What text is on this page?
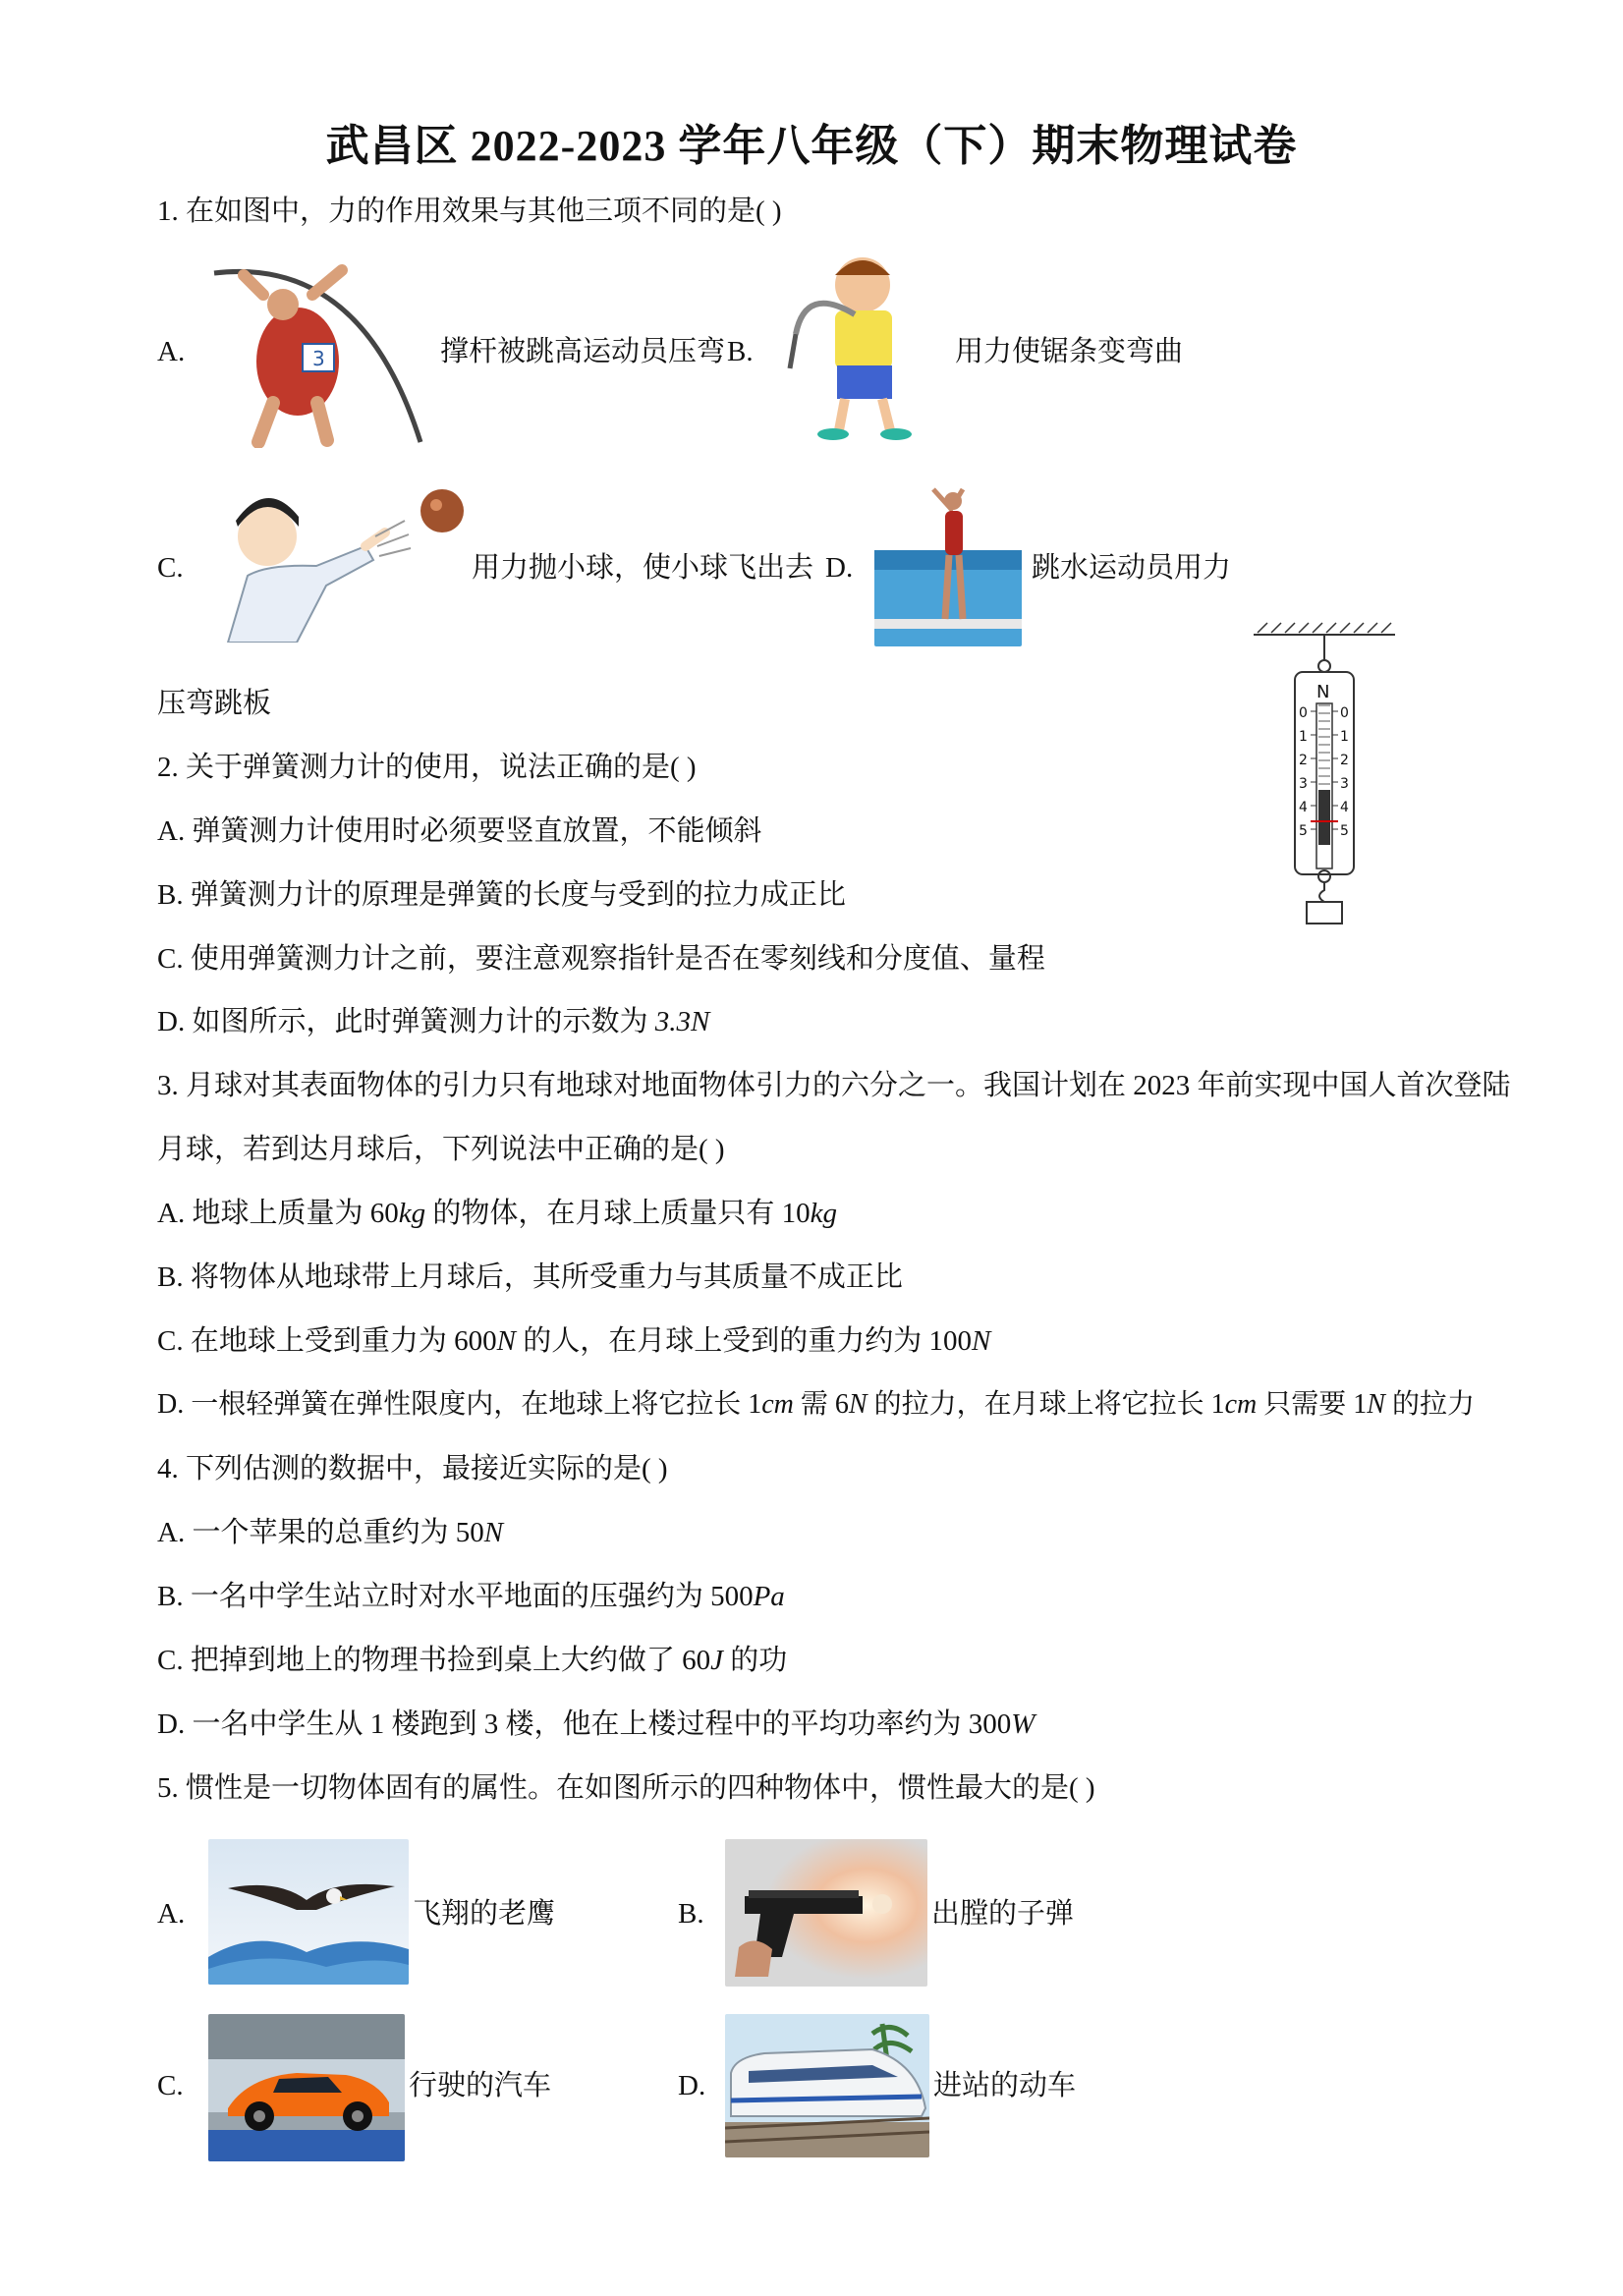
武昌区 2022-2023 学年八年级（下）期末物理试卷
1. 在如图中，力的作用效果与其他三项不同的是( )
A.	3	撑杆被跳高运动员压弯 B.	用力使锯条变弯曲
C.	用力抛小球，使小球飞出去 D.	跳水运动员用力
压弯跳板	N
0
1
2
3
4
5
0
1
2
3
4
5
2. 关于弹簧测力计的使用，说法正确的是( )
A. 弹簧测力计使用时必须要竖直放置，不能倾斜
B. 弹簧测力计的原理是弹簧的长度与受到的拉力成正比
C. 使用弹簧测力计之前，要注意观察指针是否在零刻线和分度值、量程
D. 如图所示，此时弹簧测力计的示数为 3.3N
3. 月球对其表面物体的引力只有地球对地面物体引力的六分之一。我国计划在 2023 年前实现中国人首次登陆
月球，若到达月球后，下列说法中正确的是( )
A. 地球上质量为 60kg 的物体，在月球上质量只有 10kg
B. 将物体从地球带上月球后，其所受重力与其质量不成正比
C. 在地球上受到重力为 600N 的人，在月球上受到的重力约为 100N
D. 一根轻弹簧在弹性限度内，在地球上将它拉长 1cm 需 6N 的拉力，在月球上将它拉长 1cm 只需要 1N 的拉力
4. 下列估测的数据中，最接近实际的是( )
A. 一个苹果的总重约为 50N
B. 一名中学生站立时对水平地面的压强约为 500Pa
C. 把掉到地上的物理书捡到桌上大约做了 60J 的功
D. 一名中学生从 1 楼跑到 3 楼，他在上楼过程中的平均功率约为 300W
5. 惯性是一切物体固有的属性。在如图所示的四种物体中，惯性最大的是( )
A.	飞翔的老鹰	B.	出膛的子弹
C.	行驶的汽车	D.	进站的动车
